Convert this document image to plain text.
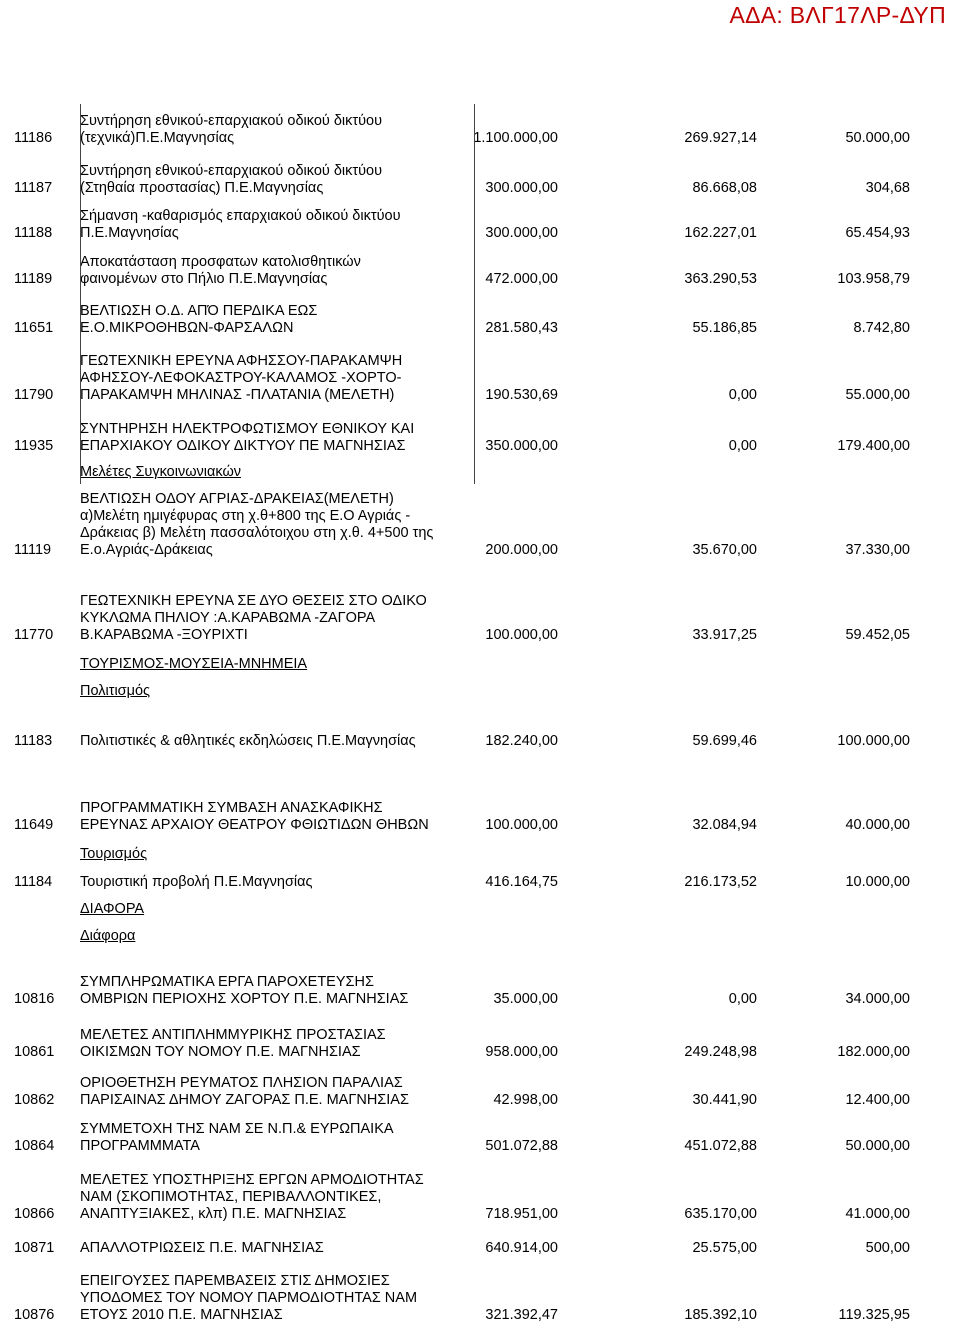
ΑΔΑ: ΒΛΓ17ΛΡ-ΔΥΠ
11186
Συντήρηση εθνικού-επαρχιακού οδικού δικτύου
(τεχνικά)Π.Ε.Μαγνησίας	1.100.000,00	269.927,14	50.000,00
11187
Συντήρηση εθνικού-επαρχιακού οδικού δικτύου
(Στηθαία προστασίας) Π.Ε.Μαγνησίας	300.000,00	86.668,08	304,68
11188
Σήμανση -καθαρισμός επαρχιακού οδικού δικτύου
Π.Ε.Μαγνησίας	300.000,00	162.227,01	65.454,93
11189
Αποκατάσταση προσφατων κατολισθητικών
φαινομένων στο Πήλιο Π.Ε.Μαγνησίας	472.000,00	363.290,53	103.958,79
11651
ΒΕΛΤΙΩΣΗ Ο.Δ. ΑΠΌ ΠΕΡΔΙΚΑ ΕΩΣ
Ε.Ο.ΜΙΚΡΟΘΗΒΩΝ-ΦΑΡΣΑΛΩΝ	281.580,43	55.186,85	8.742,80
11790
ΓΕΩΤΕΧΝΙΚΗ ΕΡΕΥΝΑ ΑΦΗΣΣΟΥ-ΠΑΡΑΚΑΜΨΗ
ΑΦΗΣΣΟΥ-ΛΕΦΟΚΑΣΤΡΟΥ-ΚΑΛΑΜΟΣ -ΧΟΡΤΟ-
ΠΑΡΑΚΑΜΨΗ ΜΗΛΙΝΑΣ -ΠΛΑΤΑΝΙΑ (ΜΕΛΕΤΗ)	190.530,69	0,00	55.000,00
11935
ΣΥΝΤΗΡΗΣΗ ΗΛΕΚΤΡΟΦΩΤΙΣΜΟΥ ΕΘΝΙΚΟΥ ΚΑΙ
ΕΠΑΡΧΙΑΚΟΥ ΟΔΙΚΟΥ ΔΙΚΤΥΟΥ ΠΕ ΜΑΓΝΗΣΙΑΣ	350.000,00	0,00	179.400,00
11119
ΒΕΛΤΙΩΣΗ ΟΔΟΥ ΑΓΡΙΑΣ-ΔΡΑΚΕΙΑΣ(ΜΕΛΕΤΗ)
α)Μελέτη ημιγέφυρας στη χ.θ+800 της Ε.Ο Αγριάς -
Δράκειας β) Μελέτη πασσαλότοιχου στη χ.θ. 4+500 της
Ε.ο.Αγριάς-Δράκειας	200.000,00	35.670,00	37.330,00
11770
ΓΕΩΤΕΧΝΙΚΗ ΕΡΕΥΝΑ ΣΕ ΔΥΟ ΘΕΣΕΙΣ ΣΤΟ ΟΔΙΚΟ
ΚΥΚΛΩΜΑ ΠΗΛΙΟΥ :Α.ΚΑΡΑΒΩΜΑ -ΖΑΓΟΡΑ
Β.ΚΑΡΑΒΩΜΑ -ΞΟΥΡΙΧΤΙ	100.000,00	33.917,25	59.452,05
11183	Πολιτιστικές & αθλητικές εκδηλώσεις Π.Ε.Μαγνησίας	182.240,00	59.699,46	100.000,00
11649
ΠΡΟΓΡΑΜΜΑΤΙΚΗ ΣΥΜΒΑΣΗ ΑΝΑΣΚΑΦΙΚΗΣ
ΕΡΕΥΝΑΣ ΑΡΧΑΙΟΥ ΘΕΑΤΡΟΥ ΦΘΙΩΤΙΔΩΝ ΘΗΒΩΝ	100.000,00	32.084,94	40.000,00
11184	Τουριστική προβολή Π.Ε.Μαγνησίας	416.164,75	216.173,52	10.000,00
10816
ΣΥΜΠΛΗΡΩΜΑΤΙΚΑ ΕΡΓΑ ΠΑΡΟΧΕΤΕΥΣΗΣ
ΟΜΒΡΙΩΝ ΠΕΡΙΟΧΗΣ ΧΟΡΤΟΥ Π.Ε. ΜΑΓΝΗΣΙΑΣ	35.000,00	0,00	34.000,00
10861
ΜΕΛΕΤΕΣ ΑΝΤΙΠΛΗΜΜΥΡΙΚΗΣ ΠΡΟΣΤΑΣΙΑΣ
ΟΙΚΙΣΜΩΝ ΤΟΥ ΝΟΜΟΥ Π.Ε. ΜΑΓΝΗΣΙΑΣ	958.000,00	249.248,98	182.000,00
10862
ΟΡΙΟΘΕΤΗΣΗ ΡΕΥΜΑΤΟΣ ΠΛΗΣΙΟΝ ΠΑΡΑΛΙΑΣ
ΠΑΡΙΣΑΙΝΑΣ ΔΗΜΟΥ ΖΑΓΟΡΑΣ Π.Ε. ΜΑΓΝΗΣΙΑΣ	42.998,00	30.441,90	12.400,00
10864
ΣΥΜΜΕΤΟΧΗ ΤΗΣ ΝΑΜ ΣΕ Ν.Π.& ΕΥΡΩΠΑΙΚΑ
ΠΡΟΓΡΑΜΜΜΑΤΑ	501.072,88	451.072,88	50.000,00
10866
ΜΕΛΕΤΕΣ ΥΠΟΣΤΗΡΙΞΗΣ ΕΡΓΩΝ ΑΡΜΟΔΙΟΤΗΤΑΣ
ΝΑΜ (ΣΚΟΠΙΜΟΤΗΤΑΣ, ΠΕΡΙΒΑΛΛΟΝΤΙΚΕΣ,
ΑΝΑΠΤΥΞΙΑΚΕΣ, κλπ) Π.Ε. ΜΑΓΝΗΣΙΑΣ	718.951,00	635.170,00	41.000,00
10871	ΑΠΑΛΛΟΤΡΙΩΣΕΙΣ Π.Ε. ΜΑΓΝΗΣΙΑΣ	640.914,00	25.575,00	500,00
10876
ΕΠΕΙΓΟΥΣΕΣ ΠΑΡΕΜΒΑΣΕΙΣ ΣΤΙΣ ΔΗΜΟΣΙΕΣ
ΥΠΟΔΟΜΕΣ ΤΟΥ ΝΟΜΟΥ ΠΑΡΜΟΔΙΟΤΗΤΑΣ ΝΑΜ
ΕΤΟΥΣ 2010 Π.Ε. ΜΑΓΝΗΣΙΑΣ	321.392,47	185.392,10	119.325,95
Μελέτες Συγκοινωνιακών
ΤΟΥΡΙΣΜΟΣ-ΜΟΥΣΕΙΑ-ΜΝΗΜΕΙΑ
Πολιτισμός
Τουρισμός
ΔΙΑΦΟΡΑ
Διάφορα
